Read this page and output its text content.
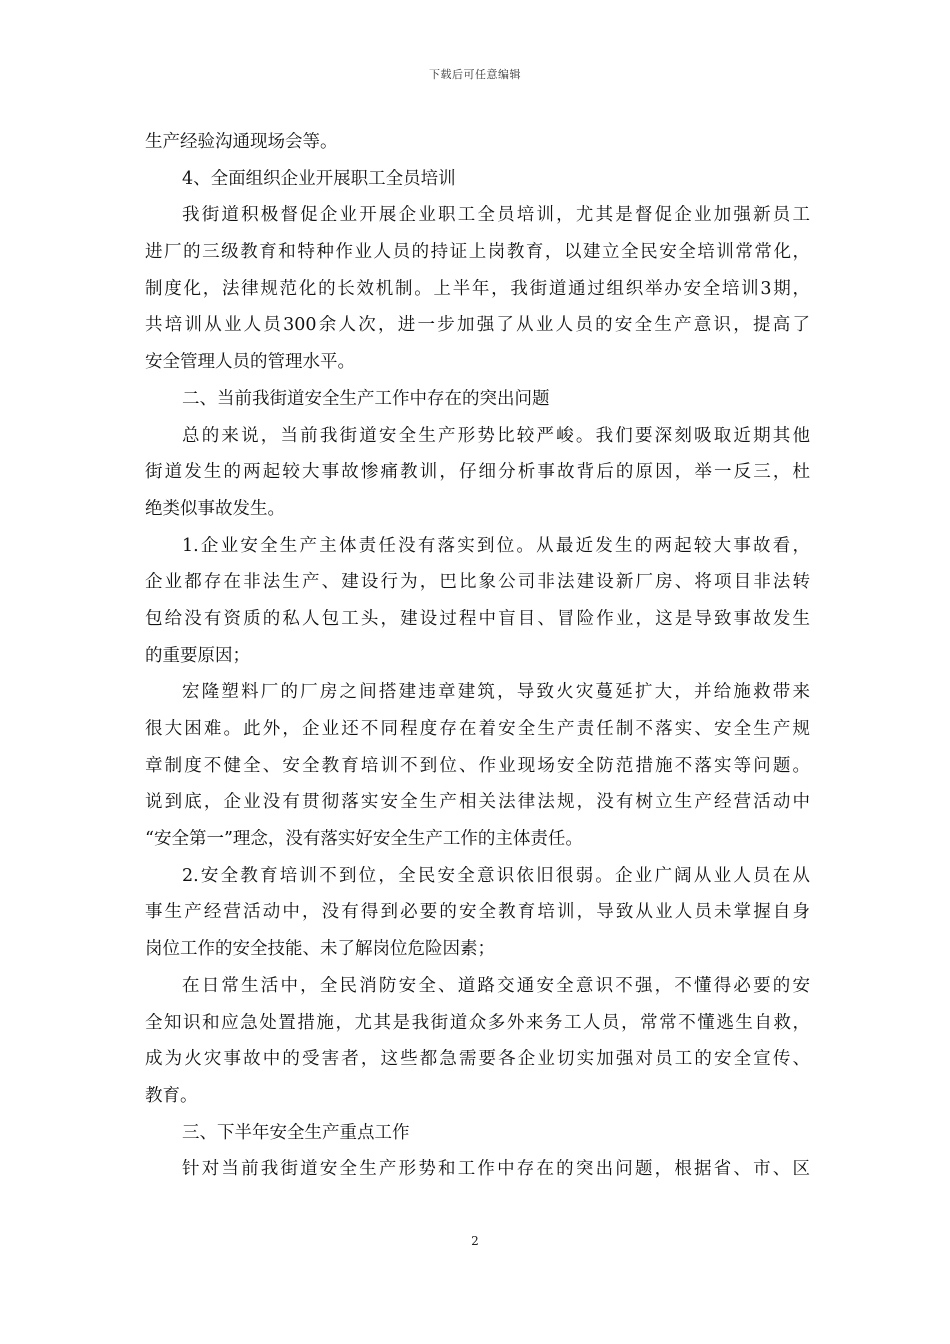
下载后可任意编辑
生产经验沟通现场会等。
4、全面组织企业开展职工全员培训
我街道积极督促企业开展企业职工全员培训，尤其是督促企业加强新员工
进厂的三级教育和特种作业人员的持证上岗教育，以建立全民安全培训常常化，
制度化，法律规范化的长效机制。上半年，我街道通过组织举办安全培训3期，
共培训从业人员300余人次，进一步加强了从业人员的安全生产意识，提高了
安全管理人员的管理水平。
二、当前我街道安全生产工作中存在的突出问题
总的来说，当前我街道安全生产形势比较严峻。我们要深刻吸取近期其他
街道发生的两起较大事故惨痛教训，仔细分析事故背后的原因，举一反三，杜
绝类似事故发生。
1.企业安全生产主体责任没有落实到位。从最近发生的两起较大事故看，
企业都存在非法生产、建设行为，巴比象公司非法建设新厂房、将项目非法转
包给没有资质的私人包工头，建设过程中盲目、冒险作业，这是导致事故发生
的重要原因；
宏隆塑料厂的厂房之间搭建违章建筑，导致火灾蔓延扩大，并给施救带来
很大困难。此外，企业还不同程度存在着安全生产责任制不落实、安全生产规
章制度不健全、安全教育培训不到位、作业现场安全防范措施不落实等问题。
说到底，企业没有贯彻落实安全生产相关法律法规，没有树立生产经营活动中
“安全第一”理念，没有落实好安全生产工作的主体责任。
2.安全教育培训不到位，全民安全意识依旧很弱。企业广阔从业人员在从
事生产经营活动中，没有得到必要的安全教育培训，导致从业人员未掌握自身
岗位工作的安全技能、未了解岗位危险因素；
在日常生活中，全民消防安全、道路交通安全意识不强，不懂得必要的安
全知识和应急处置措施，尤其是我街道众多外来务工人员，常常不懂逃生自救，
成为火灾事故中的受害者，这些都急需要各企业切实加强对员工的安全宣传、
教育。
三、下半年安全生产重点工作
针对当前我街道安全生产形势和工作中存在的突出问题，根据省、市、区
2
